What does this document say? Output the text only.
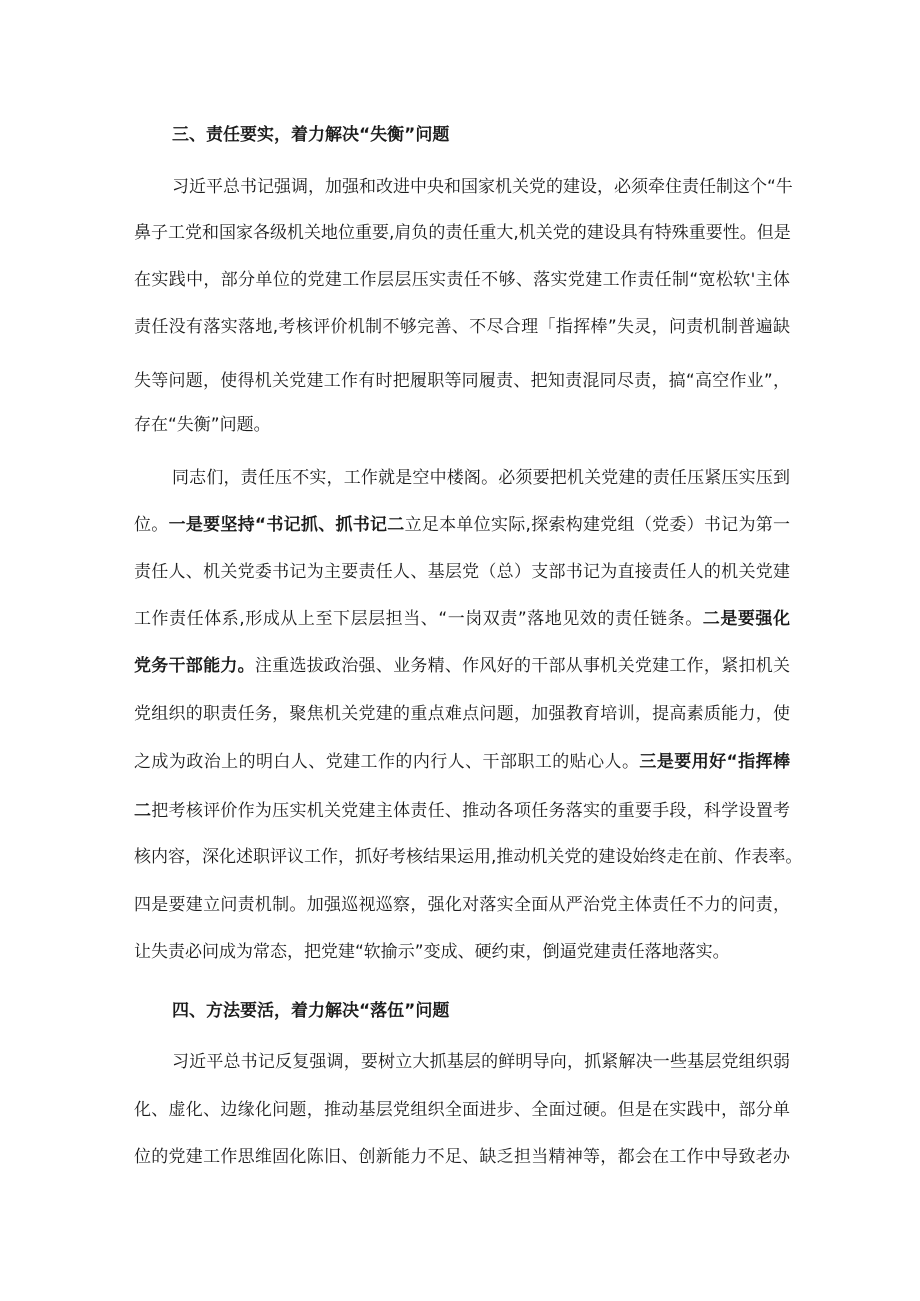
三、责任要实，着力解决“失衡”问题
习近平总书记强调，加强和改进中央和国家机关党的建设，必须牵住责任制这个“牛
鼻子工党和国家各级机关地位重要,肩负的责任重大,机关党的建设具有特殊重要性。但是
在实践中，部分单位的党建工作层层压实责任不够、落实党建工作责任制“宽松软'主体
责任没有落实落地,考核评价机制不够完善、不尽合理「指挥棒”失灵，问责机制普遍缺
失等问题，使得机关党建工作有时把履职等同履责、把知责混同尽责，搞“高空作业”，
存在“失衡”问题。
同志们，责任压不实，工作就是空中楼阁。必须要把机关党建的责任压紧压实压到
位。一是要坚持“书记抓、抓书记二立足本单位实际,探索构建党组（党委）书记为第一
责任人、机关党委书记为主要责任人、基层党（总）支部书记为直接责任人的机关党建
工作责任体系,形成从上至下层层担当、“一岗双责”落地见效的责任链条。二是要强化
党务干部能力。注重选拔政治强、业务精、作风好的干部从事机关党建工作，紧扣机关
党组织的职责任务，聚焦机关党建的重点难点问题，加强教育培训，提高素质能力，使
之成为政治上的明白人、党建工作的内行人、干部职工的贴心人。三是要用好“指挥棒
二把考核评价作为压实机关党建主体责任、推动各项任务落实的重要手段，科学设置考
核内容，深化述职评议工作，抓好考核结果运用,推动机关党的建设始终走在前、作表率。
四是要建立问责机制。加强巡视巡察，强化对落实全面从严治党主体责任不力的问责，
让失责必问成为常态，把党建“软揄示”变成、硬约束，倒逼党建责任落地落实。
四、方法要活，着力解决“落伍”问题
习近平总书记反复强调，要树立大抓基层的鲜明导向，抓紧解决一些基层党组织弱
化、虚化、边缘化问题，推动基层党组织全面进步、全面过硬。但是在实践中，部分单
位的党建工作思维固化陈旧、创新能力不足、缺乏担当精神等，都会在工作中导致老办
